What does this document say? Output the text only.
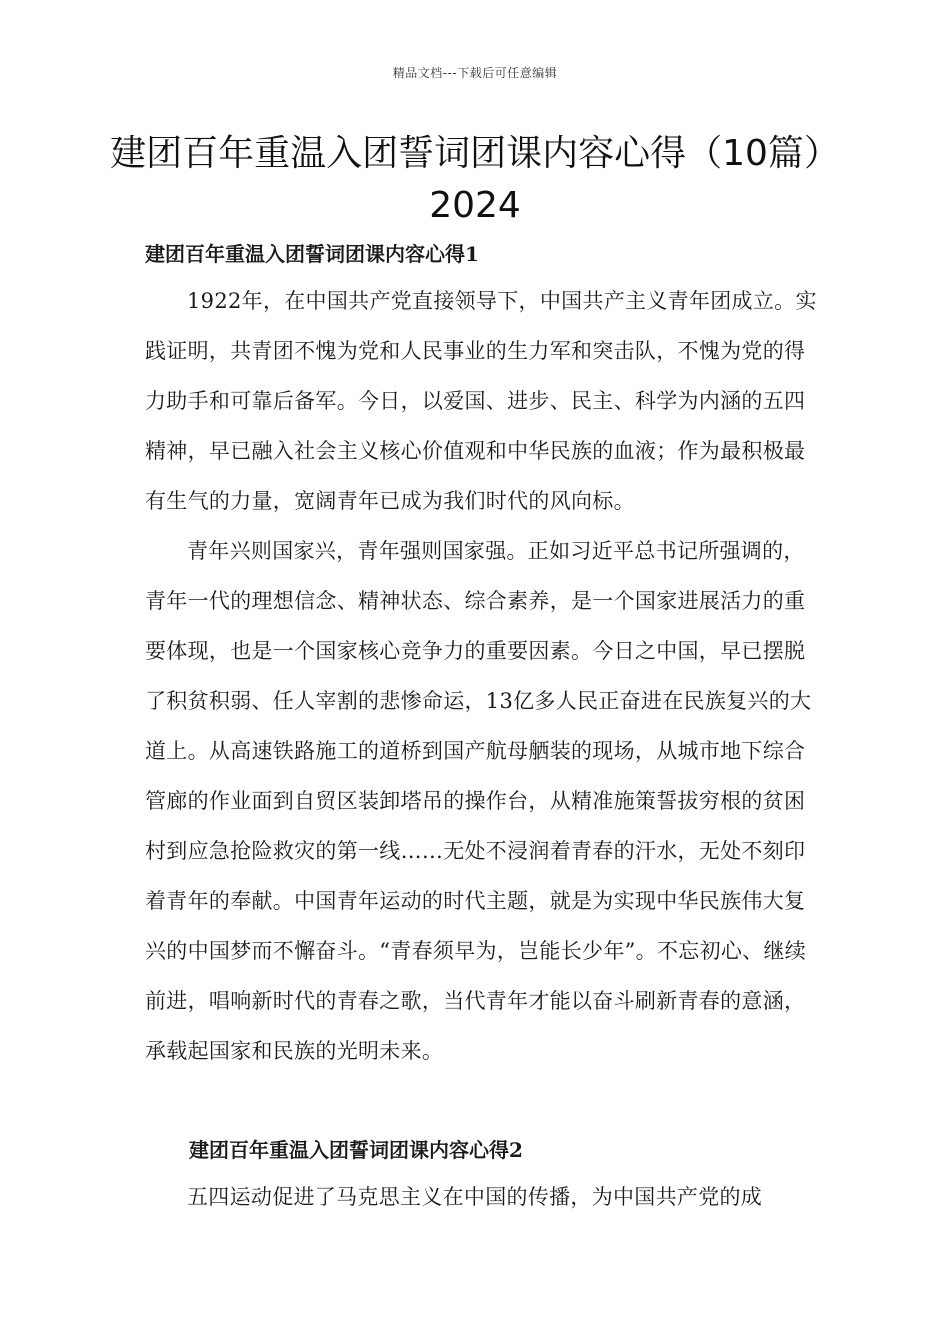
精品文档---下载后可任意编辑
建团百年重温入团誓词团课内容心得（10篇）2024
建团百年重温入团誓词团课内容心得1

1922年，在中国共产党直接领导下，中国共产主义青年团成立。实践证明，共青团不愧为党和人民事业的生力军和突击队，不愧为党的得力助手和可靠后备军。今日，以爱国、进步、民主、科学为内涵的五四精神，早已融入社会主义核心价值观和中华民族的血液；作为最积极最有生气的力量，宽阔青年已成为我们时代的风向标。

青年兴则国家兴，青年强则国家强。正如习近平总书记所强调的，青年一代的理想信念、精神状态、综合素养，是一个国家进展活力的重要体现，也是一个国家核心竞争力的重要因素。今日之中国，早已摆脱了积贫积弱、任人宰割的悲惨命运，13亿多人民正奋进在民族复兴的大道上。从高速铁路施工的道桥到国产航母舾装的现场，从城市地下综合管廊的作业面到自贸区装卸塔吊的操作台，从精准施策誓拔穷根的贫困村到应急抢险救灾的第一线……无处不浸润着青春的汗水，无处不刻印着青年的奉献。中国青年运动的时代主题，就是为实现中华民族伟大复兴的中国梦而不懈奋斗。“青春须早为，岂能长少年”。不忘初心、继续前进，唱响新时代的青春之歌，当代青年才能以奋斗刷新青春的意涵，承载起国家和民族的光明未来。

建团百年重温入团誓词团课内容心得2

五四运动促进了马克思主义在中国的传播，为中国共产党的成
